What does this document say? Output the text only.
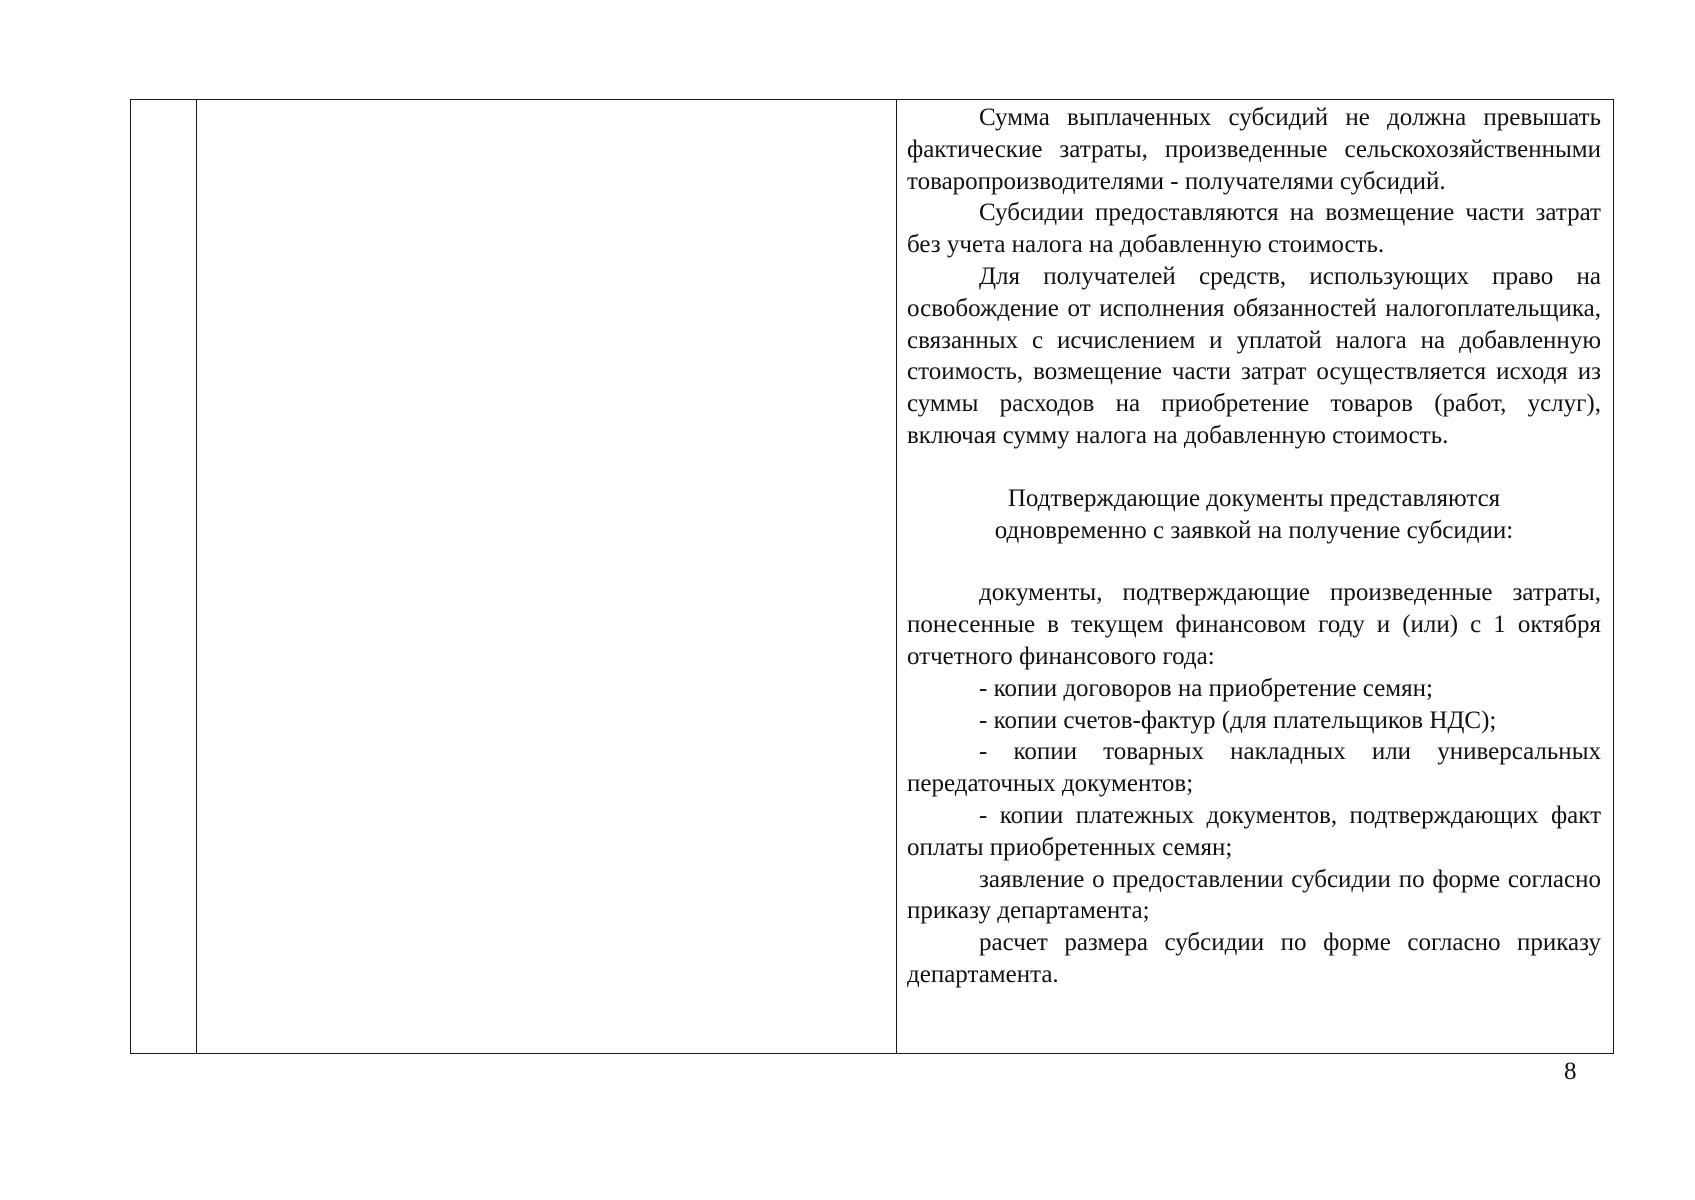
Сумма выплаченных субсидий не должна превышать фактические затраты, произведенные сельскохозяйственными товаропроизводителями - получателями субсидий.

Субсидии предоставляются на возмещение части затрат без учета налога на добавленную стоимость.

Для получателей средств, использующих право на освобождение от исполнения обязанностей налогоплательщика, связанных с исчислением и уплатой налога на добавленную стоимость, возмещение части затрат осуществляется исходя из суммы расходов на приобретение товаров (работ, услуг), включая сумму налога на добавленную стоимость.

Подтверждающие документы представляются

одновременно с заявкой на получение субсидии:

документы, подтверждающие произведенные затраты, понесенные в текущем финансовом году и (или) с 1 октября отчетного финансового года:

- копии договоров на приобретение семян;

- копии счетов-фактур (для плательщиков НДС);

- копии товарных накладных или универсальных передаточных документов;

- копии платежных документов, подтверждающих факт оплаты приобретенных семян;

заявление о предоставлении субсидии по форме согласно приказу департамента;

расчет размера субсидии по форме согласно приказу департамента.

8
